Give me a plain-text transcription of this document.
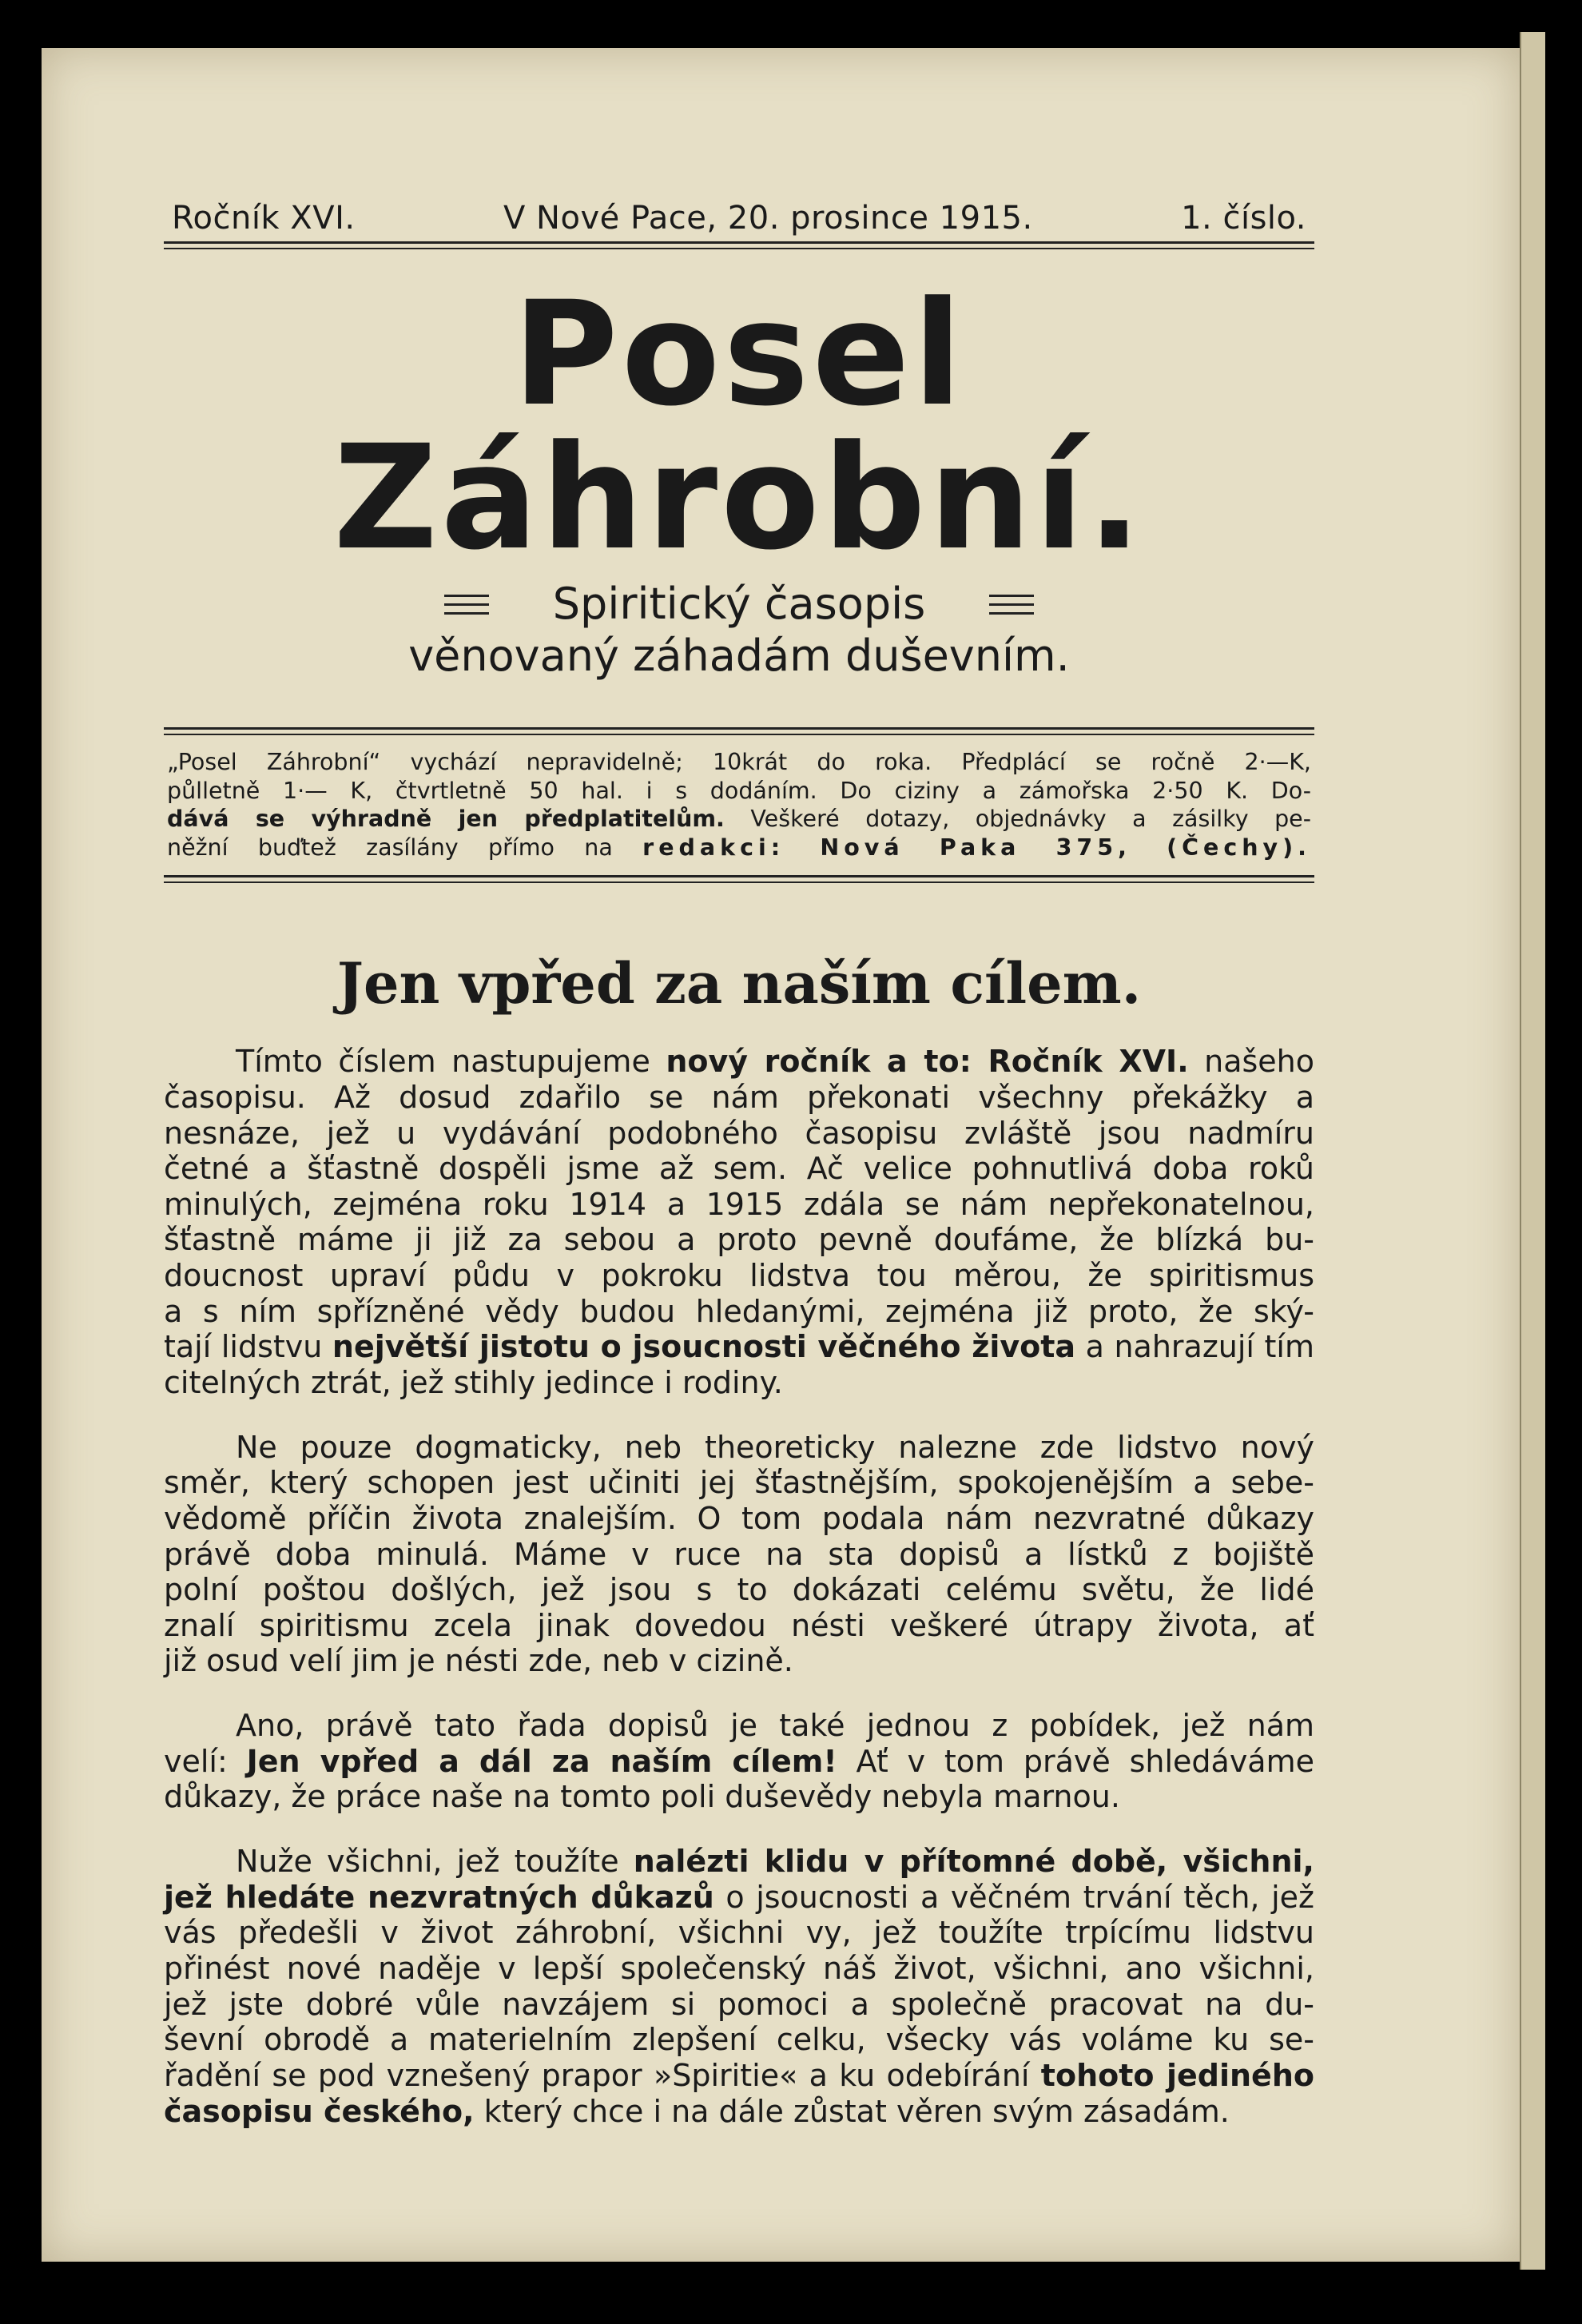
Ročník XVI.	V Nové Pace, 20. prosince 1915.	1. číslo.
Posel Záhrobní.
Spiritický časopis
věnovaný záhadám duševním.
„Posel Záhrobní“ vychází nepravidelně; 10krát do roka. Předplácí se ročně 2·—K,
půlletně 1·— K, čtvrtletně 50 hal. i s dodáním. Do ciziny a zámořska 2·50 K. Do-
dává se výhradně jen předplatitelům. Veškeré dotazy, objednávky a zásilky pe-
něžní buďtež zasílány přímo na redakci: Nová Paka 375, (Čechy).
Jen vpřed za naším cílem.
Tímto číslem nastupujeme nový ročník a to: Ročník XVI. našeho
časopisu. Až dosud zdařilo se nám překonati všechny překážky a
nesnáze, jež u vydávání podobného časopisu zvláště jsou nadmíru
četné a šťastně dospěli jsme až sem. Ač velice pohnutlivá doba roků
minulých, zejména roku 1914 a 1915 zdála se nám nepřekonatelnou,
šťastně máme ji již za sebou a proto pevně doufáme, že blízká bu-
doucnost upraví půdu v pokroku lidstva tou měrou, že spiritismus
a s ním spřízněné vědy budou hledanými, zejména již proto, že ský-
tají lidstvu největší jistotu o jsoucnosti věčného života a nahrazují tím
citelných ztrát, jež stihly jedince i rodiny.
Ne pouze dogmaticky, neb theoreticky nalezne zde lidstvo nový
směr, který schopen jest učiniti jej šťastnějším, spokojenějším a sebe-
vědomě příčin života znalejším. O tom podala nám nezvratné důkazy
právě doba minulá. Máme v ruce na sta dopisů a lístků z bojiště
polní poštou došlých, jež jsou s to dokázati celému světu, že lidé
znalí spiritismu zcela jinak dovedou nésti veškeré útrapy života, ať
již osud velí jim je nésti zde, neb v cizině.
Ano, právě tato řada dopisů je také jednou z pobídek, jež nám
velí: Jen vpřed a dál za naším cílem! Ať v tom právě shledáváme
důkazy, že práce naše na tomto poli duševědy nebyla marnou.
Nuže všichni, jež toužíte nalézti klidu v přítomné době, všichni,
jež hledáte nezvratných důkazů o jsoucnosti a věčném trvání těch, jež
vás předešli v život záhrobní, všichni vy, jež toužíte trpícímu lidstvu
přinést nové naděje v lepší společenský náš život, všichni, ano všichni,
jež jste dobré vůle navzájem si pomoci a společně pracovat na du-
ševní obrodě a materielním zlepšení celku, všecky vás voláme ku se-
řadění se pod vznešený prapor »Spiritie« a ku odebírání tohoto jediného
časopisu českého, který chce i na dále zůstat věren svým zásadám.
